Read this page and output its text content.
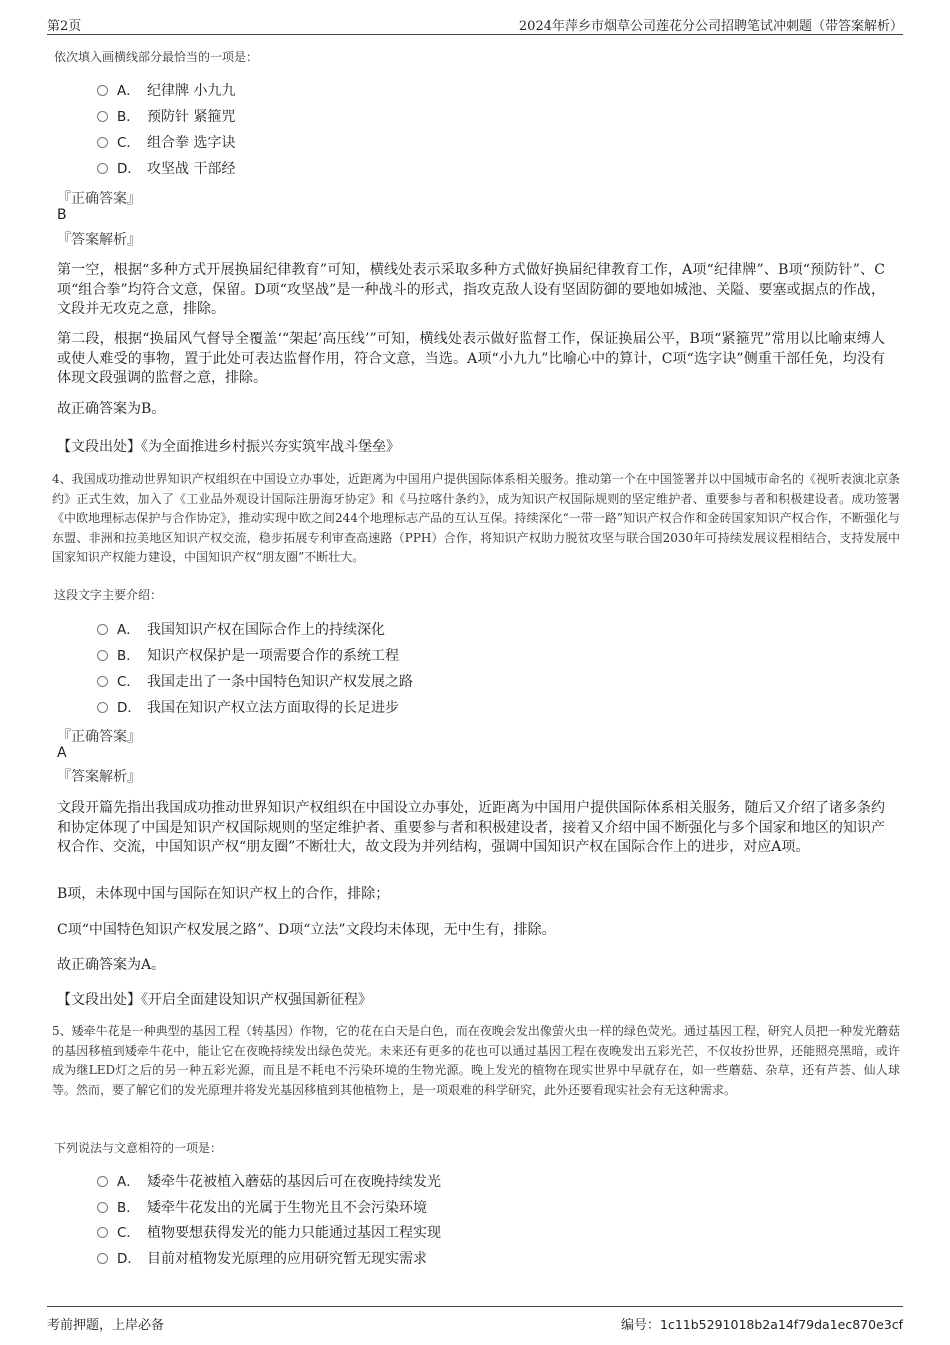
第2页	2024年萍乡市烟草公司莲花分公司招聘笔试冲刺题（带答案解析）
依次填入画横线部分最恰当的一项是：
A． 纪律牌 小九九
B． 预防针 紧箍咒
C． 组合拳 选字诀
D． 攻坚战 干部经
『正确答案』
B
『答案解析』
第一空，根据“多种方式开展换届纪律教育”可知，横线处表示采取多种方式做好换届纪律教育工作，A项“纪律牌”、B项“预防针”、C项“组合拳”均符合文意，保留。D项“攻坚战”是一种战斗的形式，指攻克敌人设有坚固防御的要地如城池、关隘、要塞或据点的作战，文段并无攻克之意，排除。
第二段，根据“换届风气督导全覆盖‘“架起’高压线’”可知，横线处表示做好监督工作，保证换届公平，B项“紧箍咒”常用以比喻束缚人或使人难受的事物，置于此处可表达监督作用，符合文意，当选。A项“小九九”比喻心中的算计，C项“选字诀”侧重干部任免，均没有体现文段强调的监督之意，排除。
故正确答案为B。
【文段出处】《为全面推进乡村振兴夯实筑牢战斗堡垒》
4、我国成功推动世界知识产权组织在中国设立办事处，近距离为中国用户提供国际体系相关服务。推动第一个在中国签署并以中国城市命名的《视听表演北京条约》正式生效，加入了《工业品外观设计国际注册海牙协定》和《马拉喀什条约》，成为知识产权国际规则的坚定维护者、重要参与者和积极建设者。成功签署《中欧地理标志保护与合作协定》，推动实现中欧之间244个地理标志产品的互认互保。持续深化“一带一路”知识产权合作和金砖国家知识产权合作，不断强化与东盟、非洲和拉美地区知识产权交流，稳步拓展专利审查高速路（PPH）合作，将知识产权助力脱贫攻坚与联合国2030年可持续发展议程相结合，支持发展中国家知识产权能力建设，中国知识产权“朋友圈”不断壮大。
这段文字主要介绍：
A． 我国知识产权在国际合作上的持续深化
B． 知识产权保护是一项需要合作的系统工程
C． 我国走出了一条中国特色知识产权发展之路
D． 我国在知识产权立法方面取得的长足进步
『正确答案』
A
『答案解析』
文段开篇先指出我国成功推动世界知识产权组织在中国设立办事处，近距离为中国用户提供国际体系相关服务，随后又介绍了诸多条约和协定体现了中国是知识产权国际规则的坚定维护者、重要参与者和积极建设者，接着又介绍中国不断强化与多个国家和地区的知识产权合作、交流，中国知识产权“朋友圈”不断壮大，故文段为并列结构，强调中国知识产权在国际合作上的进步，对应A项。
B项，未体现中国与国际在知识产权上的合作，排除；
C项“中国特色知识产权发展之路”、D项“立法”文段均未体现，无中生有，排除。
故正确答案为A。
【文段出处】《开启全面建设知识产权强国新征程》
5、矮牵牛花是一种典型的基因工程（转基因）作物，它的花在白天是白色，而在夜晚会发出像萤火虫一样的绿色荧光。通过基因工程，研究人员把一种发光蘑菇的基因移植到矮牵牛花中，能让它在夜晚持续发出绿色荧光。未来还有更多的花也可以通过基因工程在夜晚发出五彩光芒，不仅妆扮世界，还能照亮黑暗，或许成为继LED灯之后的另一种五彩光源，而且是不耗电不污染环境的生物光源。晚上发光的植物在现实世界中早就存在，如一些蘑菇、杂草，还有芦荟、仙人球等。然而，要了解它们的发光原理并将发光基因移植到其他植物上，是一项艰难的科学研究，此外还要看现实社会有无这种需求。
下列说法与文意相符的一项是：
A． 矮牵牛花被植入蘑菇的基因后可在夜晚持续发光
B． 矮牵牛花发出的光属于生物光且不会污染环境
C． 植物要想获得发光的能力只能通过基因工程实现
D． 目前对植物发光原理的应用研究暂无现实需求
考前押题，上岸必备	编号：1c11b5291018b2a14f79da1ec870e3cf
